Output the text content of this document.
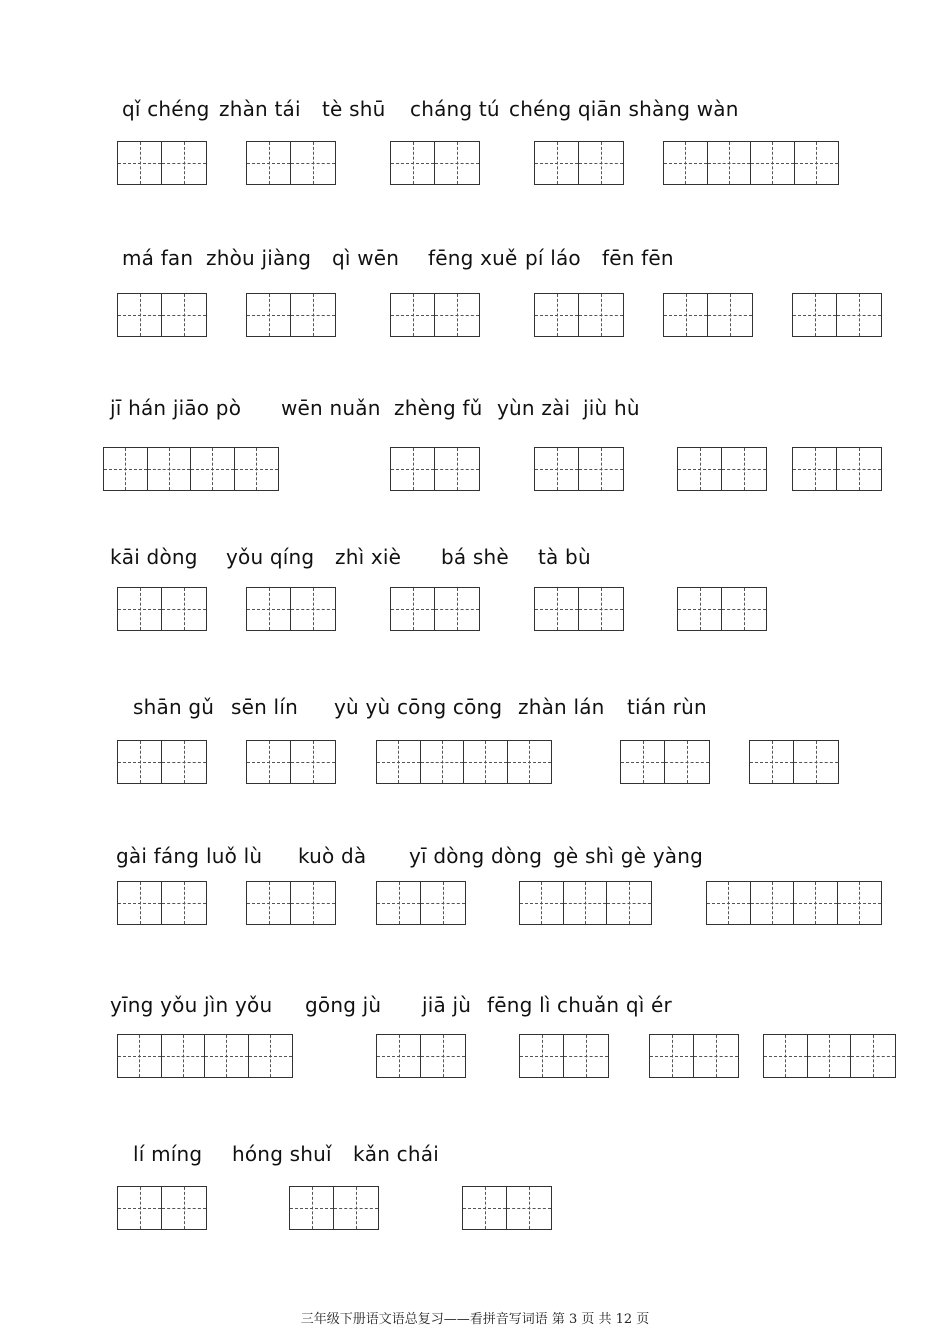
qǐ chéng zhàn tái tè shū cháng tú chéng qiān shàng wàn
má fan zhòu jiàng qì wēn fēng xuě pí láo fēn fēn
jī hán jiāo pò wēn nuǎn zhèng fǔ yùn zài jiù hù
kāi dòng yǒu qíng zhì xiè bá shè tà bù
shān gǔ sēn lín yù yù cōng cōng zhàn lán tián rùn
gài fáng luǒ lù kuò dà yī dòng dòng gè shì gè yàng
yīng yǒu jìn yǒu gōng jù jiā jù fēng lì chuǎn qì ér
lí míng hóng shuǐ kǎn chái
三年级下册语文语总复习——看拼音写词语 第 3 页 共 12 页
